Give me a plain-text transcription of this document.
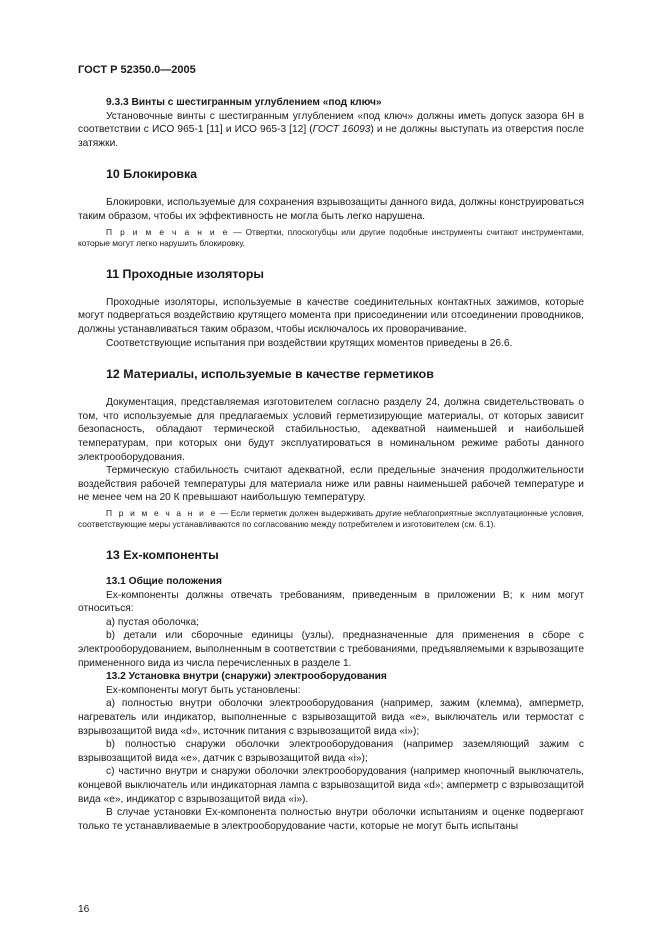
ГОСТ Р 52350.0—2005

9.3.3 Винты с шестигранным углублением «под ключ»

Установочные винты с шестигранным углублением «под ключ» должны иметь допуск зазора 6H в соответствии с ИСО 965-1 [11] и ИСО 965-3 [12] (ГОСТ 16093) и не должны выступать из отверстия после затяжки.

10 Блокировка

Блокировки, используемые для сохранения взрывозащиты данного вида, должны конструироваться таким образом, чтобы их эффективность не могла быть легко нарушена.

П р и м е ч а н и е — Отвертки, плоскогубцы или другие подобные инструменты считают инструментами, которые могут легко нарушить блокировку.

11 Проходные изоляторы

Проходные изоляторы, используемые в качестве соединительных контактных зажимов, которые могут подвергаться воздействию крутящего момента при присоединении или отсоединении проводников, должны устанавливаться таким образом, чтобы исключалось их проворачивание.

Соответствующие испытания при воздействии крутящих моментов приведены в 26.6.

12 Материалы, используемые в качестве герметиков

Документация, представляемая изготовителем согласно разделу 24, должна свидетельствовать о том, что используемые для предлагаемых условий герметизирующие материалы, от которых зависит безопасность, обладают термической стабильностью, адекватной наименьшей и наибольшей температурам, при которых они будут эксплуатироваться в номинальном режиме работы данного электрооборудования.

Термическую стабильность считают адекватной, если предельные значения продолжительности воздействия рабочей температуры для материала ниже или равны наименьшей рабочей температуре и не менее чем на 20 К превышают наибольшую температуру.

П р и м е ч а н и е — Если герметик должен выдерживать другие неблагоприятные эксплуатационные условия, соответствующие меры устанавливаются по согласованию между потребителем и изготовителем (см. 6.1).

13 Ех-компоненты

13.1 Общие положения

Ех-компоненты должны отвечать требованиям, приведенным в приложении В; к ним могут относиться:

а) пустая оболочка;

b) детали или сборочные единицы (узлы), предназначенные для применения в сборе с электрооборудованием, выполненным в соответствии с требованиями, предъявляемыми к взрывозащите примененного вида из числа перечисленных в разделе 1.

13.2 Установка внутри (снаружи) электрооборудования

Ех-компоненты могут быть установлены:

а) полностью внутри оболочки электрооборудования (например, зажим (клемма), амперметр, нагреватель или индикатор, выполненные с взрывозащитой вида «е», выключатель или термостат с взрывозащитой вида «d», источник питания с взрывозащитой вида «i»);

b) полностью снаружи оболочки электрооборудования (например заземляющий зажим с взрывозащитой вида «е», датчик с взрывозащитой вида «i»);

с) частично внутри и снаружи оболочки электрооборудования (например кнопочный выключатель, концевой выключатель или индикаторная лампа с взрывозащитой вида «d»; амперметр с взрывозащитой вида «е», индикатор с взрывозащитой вида «i»).

В случае установки Ех-компонента полностью внутри оболочки испытаниям и оценке подвергают только те устанавливаемые в электрооборудование части, которые не могут быть испытаны

16
